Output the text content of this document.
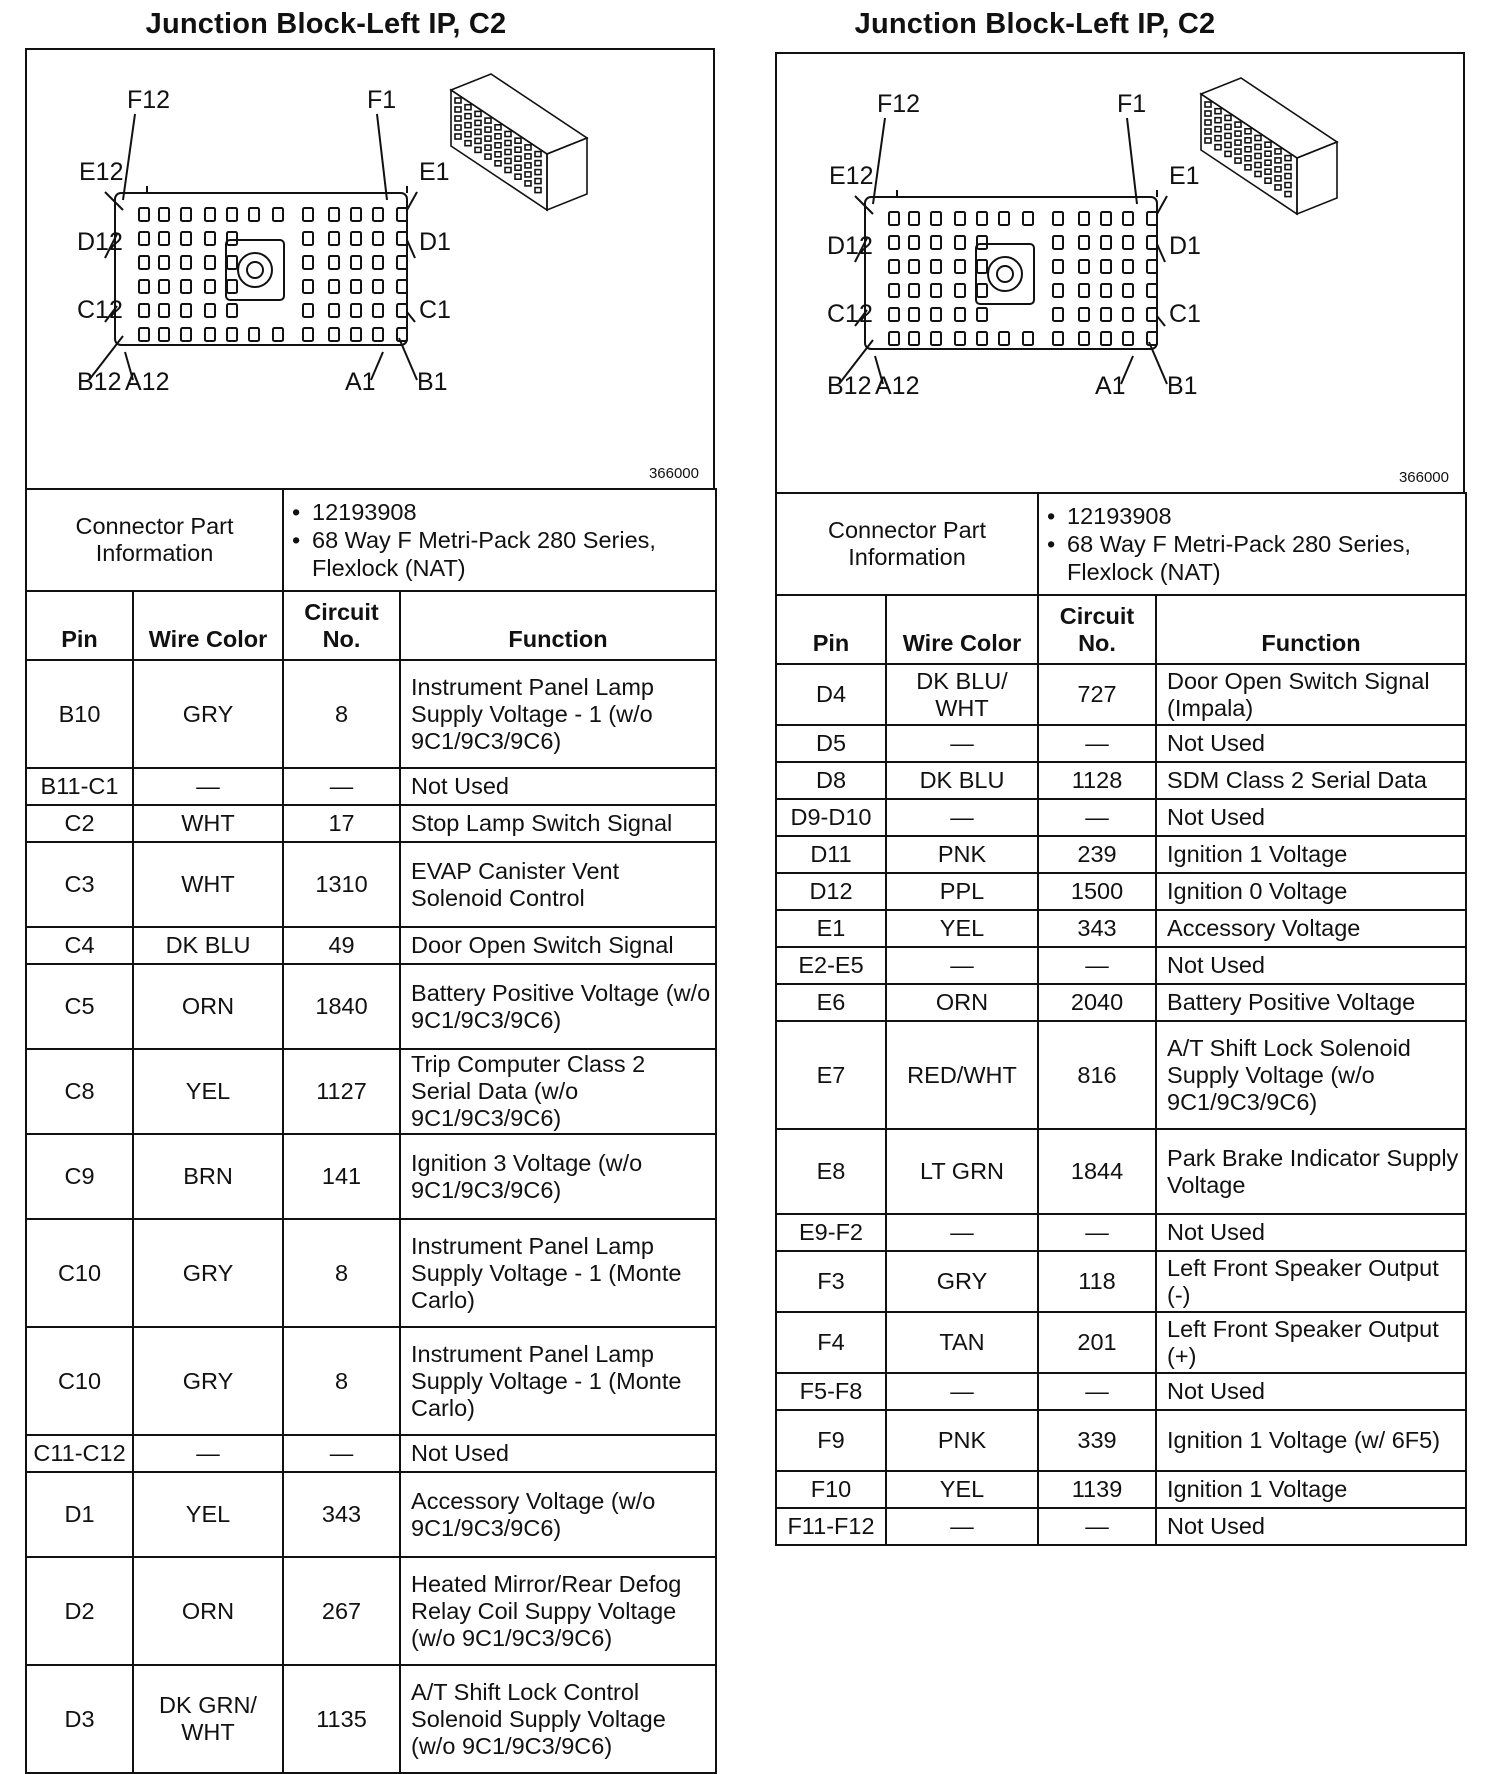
Junction Block-Left IP, C2
F12	F1
E12	E1
D12	D1
C12	C1
B12 A12	A1 B1
366000
Connector Part Information		• 12193908
• 68 Way F Metri-Pack 280 Series, Flexlock (NAT)

Pin	Wire Color	Circuit No.	Function
B10	GRY	8	Instrument Panel Lamp Supply Voltage - 1 (w/o 9C1/9C3/9C6)
B11-C1	—	—	Not Used
C2	WHT	17	Stop Lamp Switch Signal
C3	WHT	1310	EVAP Canister Vent Solenoid Control
C4	DK BLU	49	Door Open Switch Signal
C5	ORN	1840	Battery Positive Voltage (w/o 9C1/9C3/9C6)
C8	YEL	1127	Trip Computer Class 2 Serial Data (w/o 9C1/9C3/9C6)
C9	BRN	141	Ignition 3 Voltage (w/o 9C1/9C3/9C6)
C10	GRY	8	Instrument Panel Lamp Supply Voltage - 1 (Monte Carlo)
C10	GRY	8	Instrument Panel Lamp Supply Voltage - 1 (Monte Carlo)
C11-C12	—	—	Not Used
D1	YEL	343	Accessory Voltage (w/o 9C1/9C3/9C6)
D2	ORN	267	Heated Mirror/Rear Defog Relay Coil Suppy Voltage (w/o 9C1/9C3/9C6)
D3	DK GRN/ WHT	1135	A/T Shift Lock Control Solenoid Supply Voltage (w/o 9C1/9C3/9C6)
Junction Block-Left IP, C2
F12	F1
E12	E1
D12	D1
C12	C1
B12 A12	A1 B1
366000
Connector Part Information		• 12193908
• 68 Way F Metri-Pack 280 Series, Flexlock (NAT)

Pin	Wire Color	Circuit No.	Function
D4	DK BLU/ WHT	727	Door Open Switch Signal (Impala)
D5	—	—	Not Used
D8	DK BLU	1128	SDM Class 2 Serial Data
D9-D10	—	—	Not Used
D11	PNK	239	Ignition 1 Voltage
D12	PPL	1500	Ignition 0 Voltage
E1	YEL	343	Accessory Voltage
E2-E5	—	—	Not Used
E6	ORN	2040	Battery Positive Voltage
E7	RED/WHT	816	A/T Shift Lock Solenoid Supply Voltage (w/o 9C1/9C3/9C6)
E8	LT GRN	1844	Park Brake Indicator Supply Voltage
E9-F2	—	—	Not Used
F3	GRY	118	Left Front Speaker Output (-)
F4	TAN	201	Left Front Speaker Output (+)
F5-F8	—	—	Not Used
F9	PNK	339	Ignition 1 Voltage (w/ 6F5)
F10	YEL	1139	Ignition 1 Voltage
F11-F12	—	—	Not Used
